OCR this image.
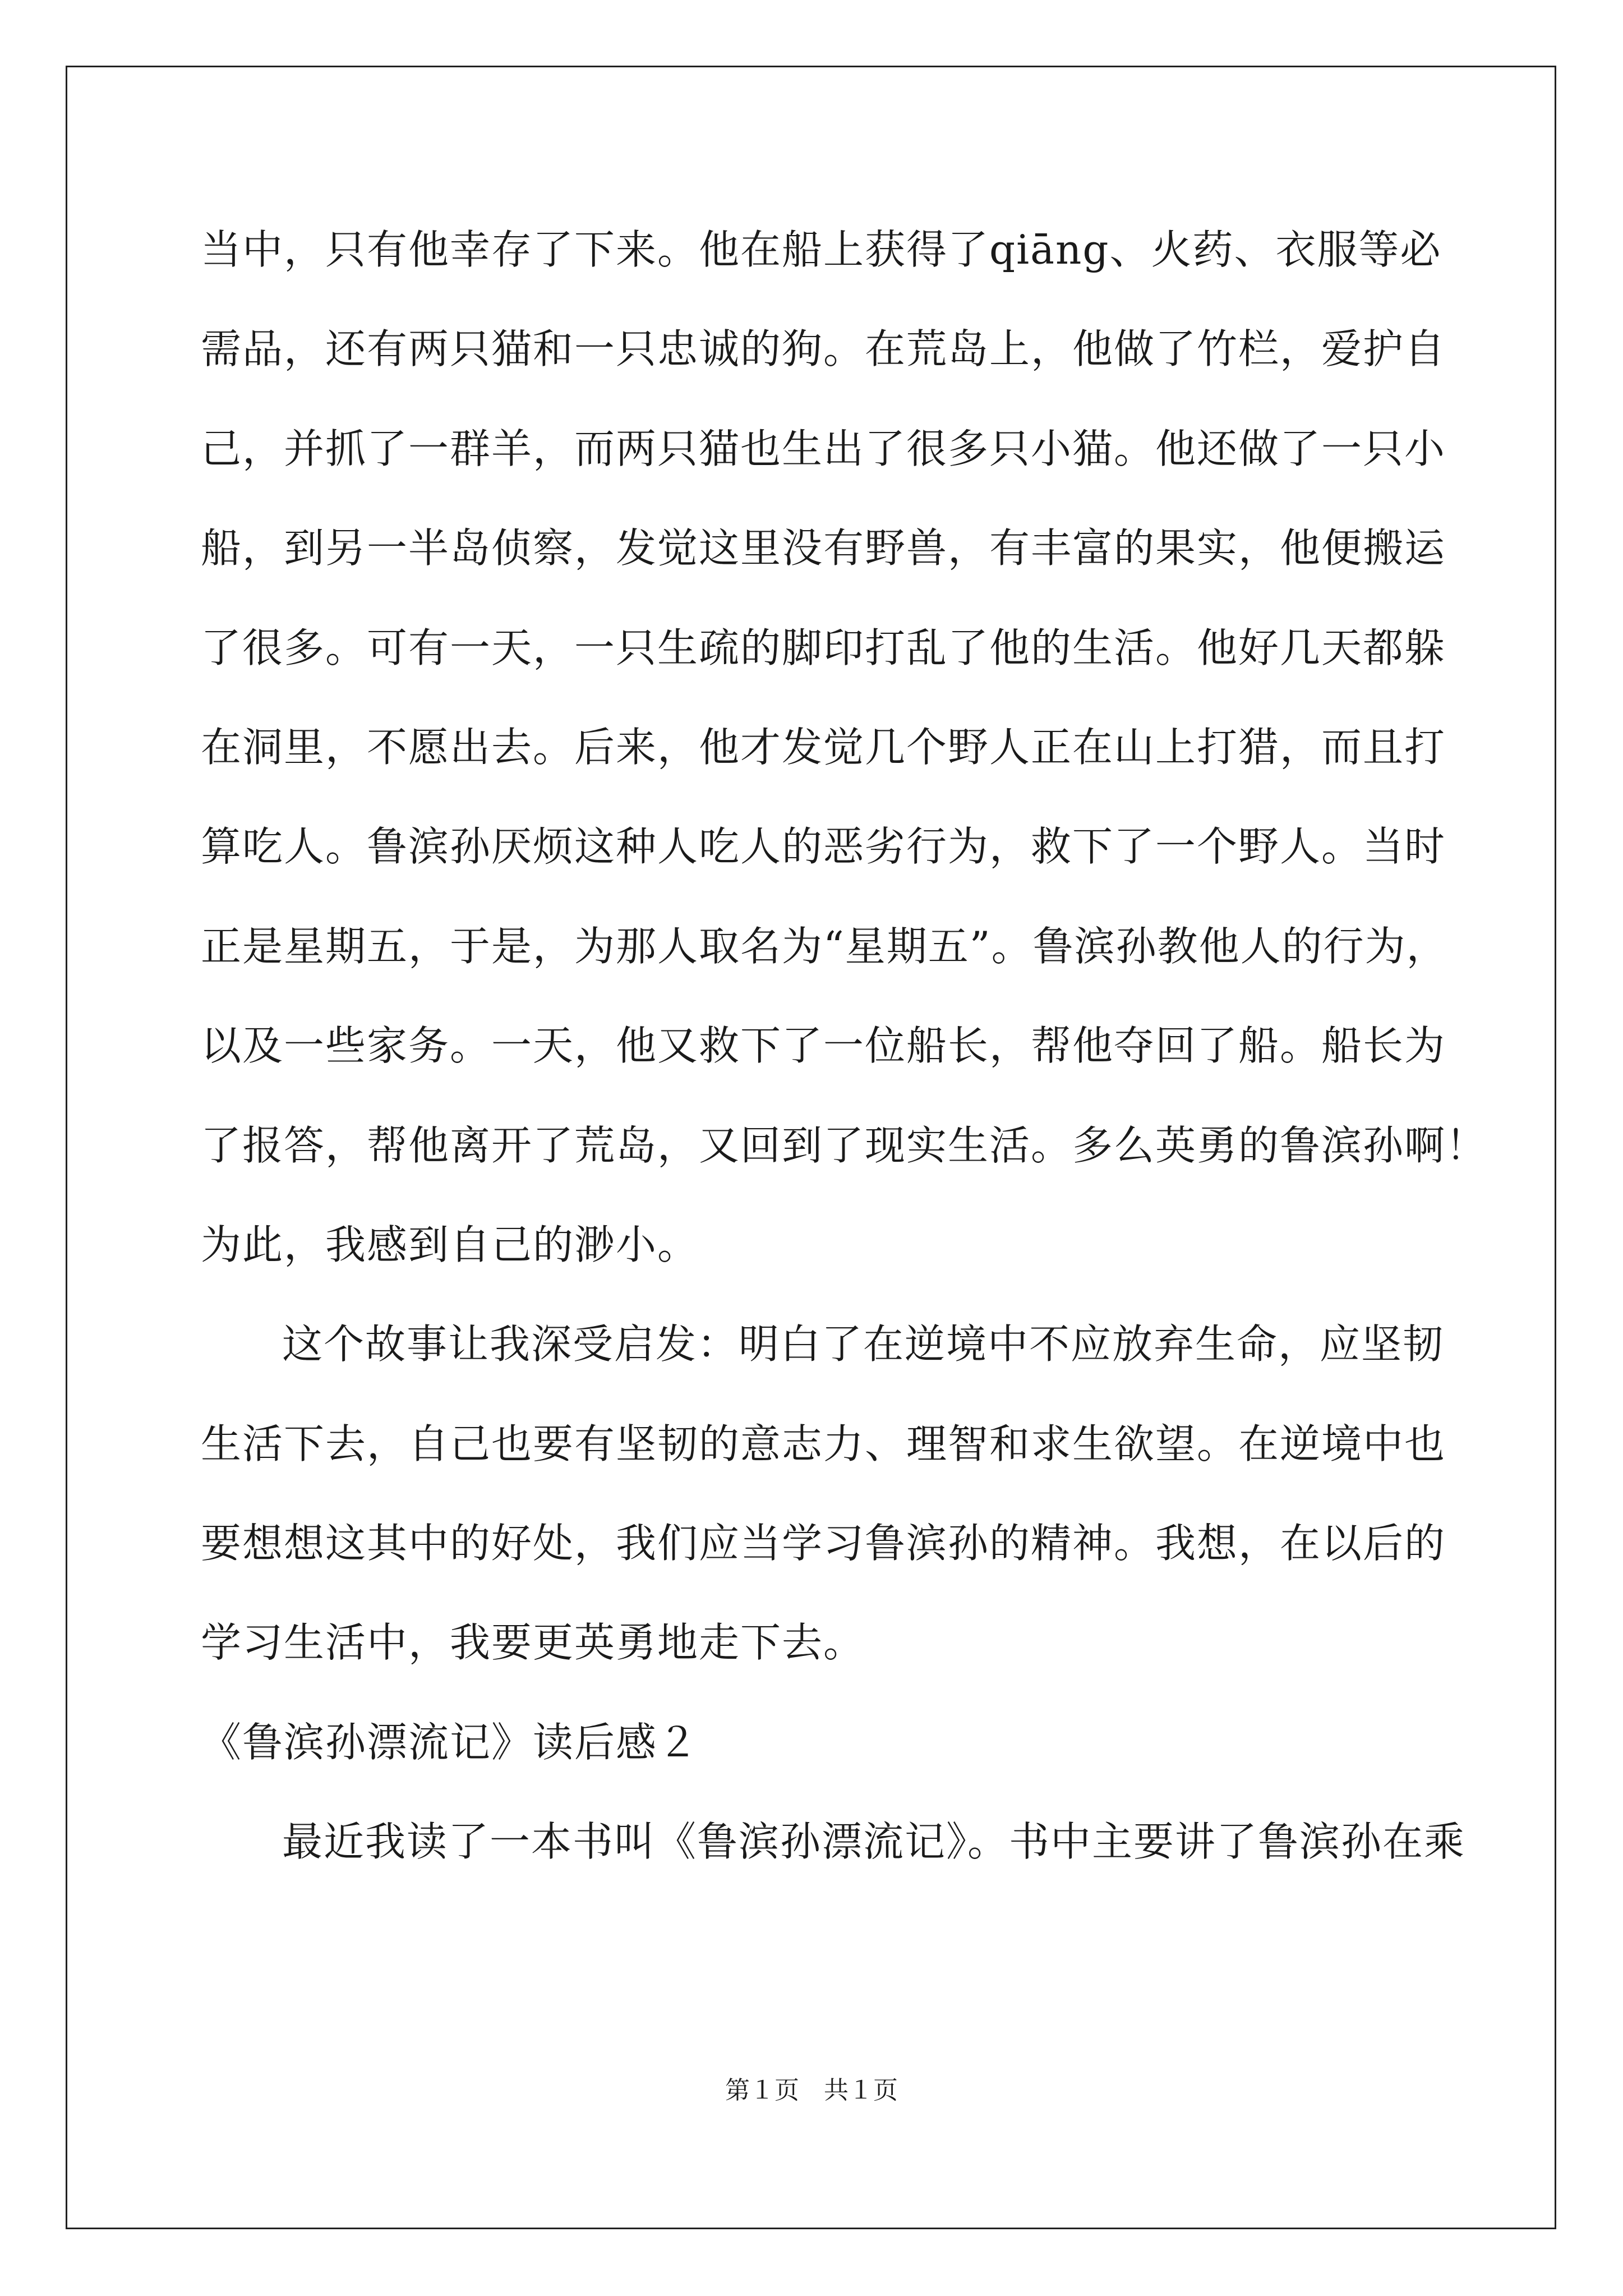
当中，只有他幸存了下来。他在船上获得了qiāng、火药、衣服等必
需品，还有两只猫和一只忠诚的狗。在荒岛上，他做了竹栏，爱护自
己，并抓了一群羊，而两只猫也生出了很多只小猫。他还做了一只小
船，到另一半岛侦察，发觉这里没有野兽，有丰富的果实，他便搬运
了很多。可有一天，一只生疏的脚印打乱了他的生活。他好几天都躲
在洞里，不愿出去。后来，他才发觉几个野人正在山上打猎，而且打
算吃人。鲁滨孙厌烦这种人吃人的恶劣行为，救下了一个野人。当时
正是星期五，于是，为那人取名为“星期五”。鲁滨孙教他人的行为，
以及一些家务。一天，他又救下了一位船长，帮他夺回了船。船长为
了报答，帮他离开了荒岛，又回到了现实生活。多么英勇的鲁滨孙啊！
为此，我感到自己的渺小。
这个故事让我深受启发：明白了在逆境中不应放弃生命，应坚韧
生活下去，自己也要有坚韧的意志力、理智和求生欲望。在逆境中也
要想想这其中的好处，我们应当学习鲁滨孙的精神。我想，在以后的
学习生活中，我要更英勇地走下去。
《鲁滨孙漂流记》读后感２
最近我读了一本书叫《鲁滨孙漂流记》。书中主要讲了鲁滨孙在乘
第１页 共１页
